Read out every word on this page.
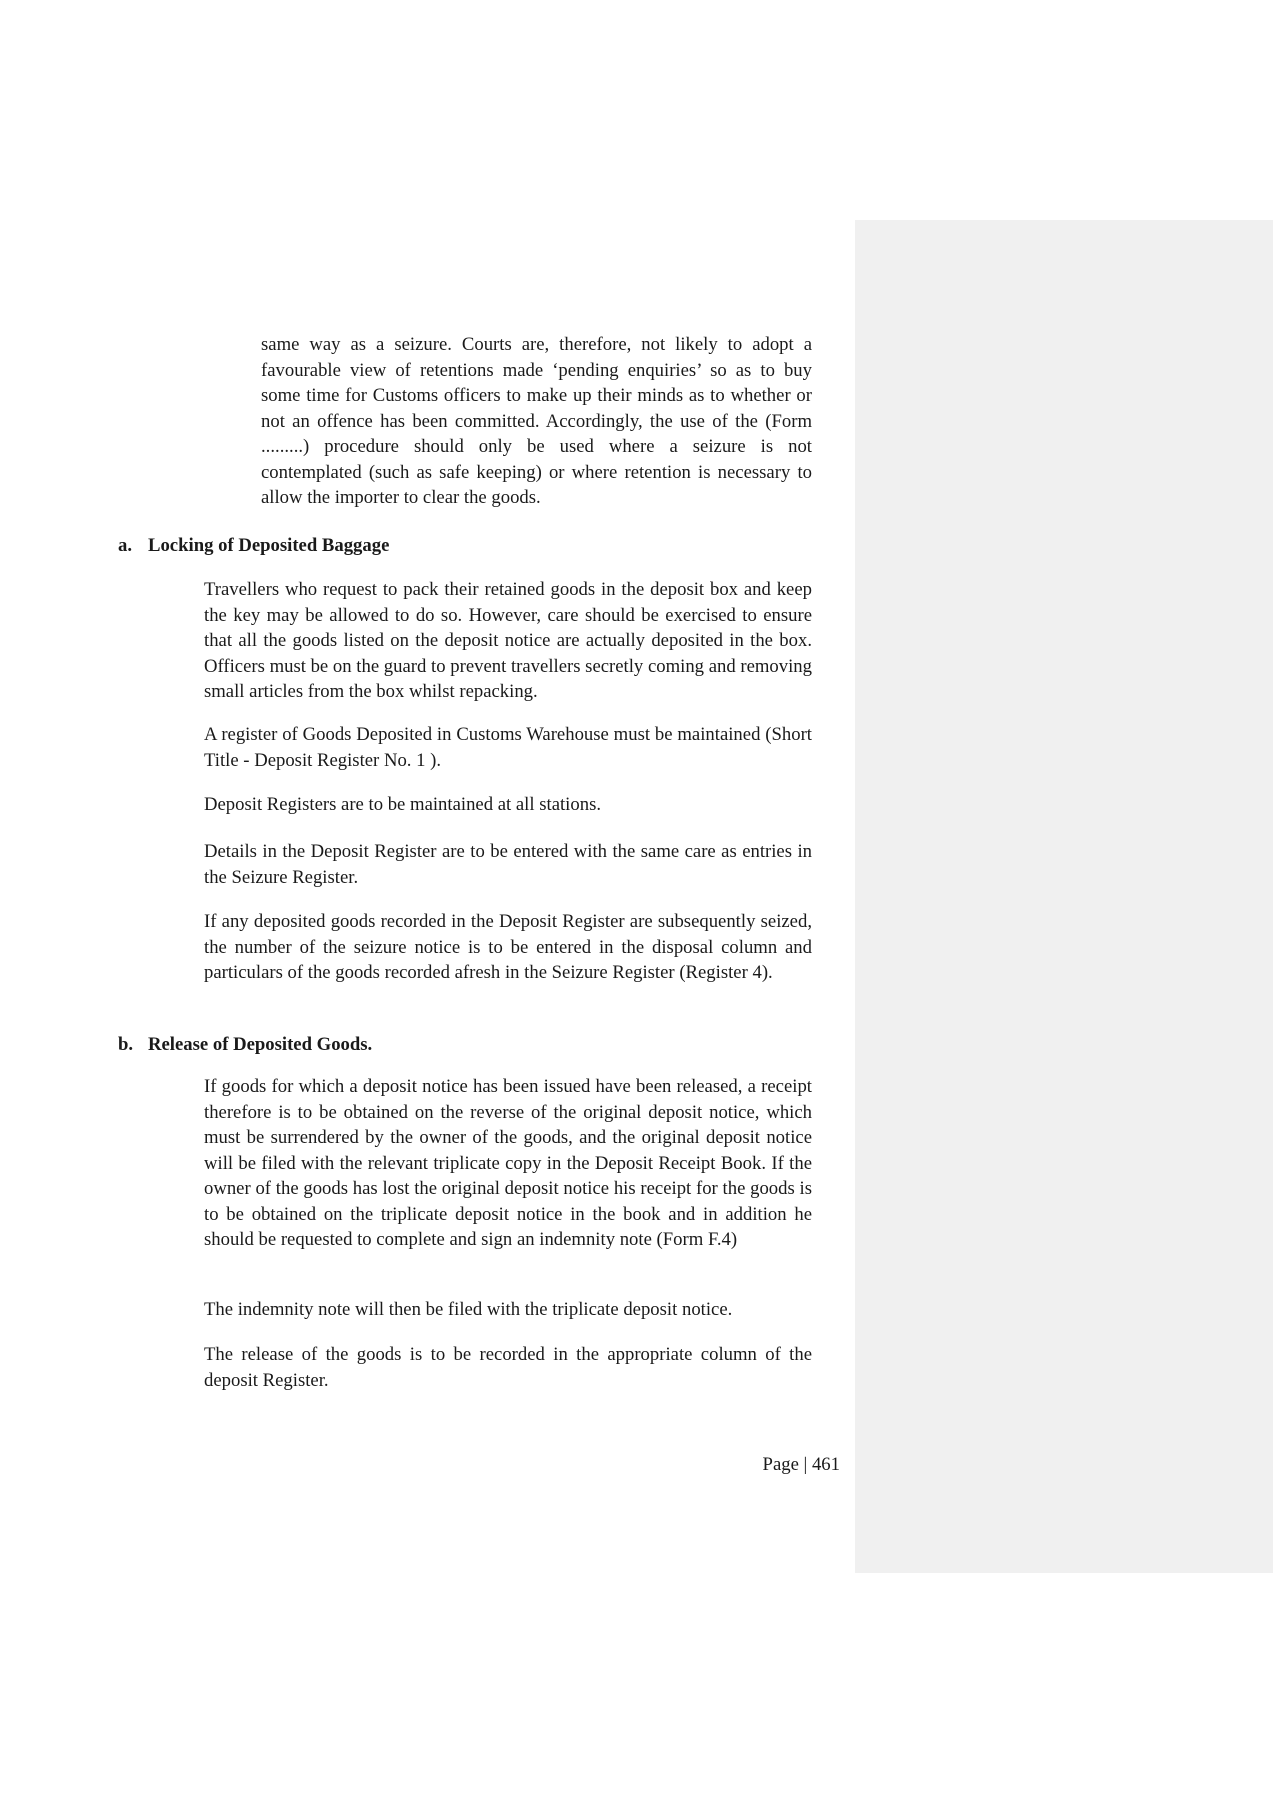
same way as a seizure. Courts are, therefore, not likely to adopt a favourable view of retentions made ‘pending enquiries’ so as to buy some time for Customs officers to make up their minds as to whether or not an offence has been committed. Accordingly, the use of the (Form .........) procedure should only be used where a seizure is not contemplated (such as safe keeping) or where retention is necessary to allow the importer to clear the goods.

a. Locking of Deposited Baggage

Travellers who request to pack their retained goods in the deposit box and keep the key may be allowed to do so. However, care should be exercised to ensure that all the goods listed on the deposit notice are actually deposited in the box. Officers must be on the guard to prevent travellers secretly coming and removing small articles from the box whilst repacking.

A register of Goods Deposited in Customs Warehouse must be maintained (Short Title - Deposit Register No. 1 ).

Deposit Registers are to be maintained at all stations.

Details in the Deposit Register are to be entered with the same care as entries in the Seizure Register.

If any deposited goods recorded in the Deposit Register are subsequently seized, the number of the seizure notice is to be entered in the disposal column and particulars of the goods recorded afresh in the Seizure Register (Register 4).

b. Release of Deposited Goods.

If goods for which a deposit notice has been issued have been released, a receipt therefore is to be obtained on the reverse of the original deposit notice, which must be surrendered by the owner of the goods, and the original deposit notice will be filed with the relevant triplicate copy in the Deposit Receipt Book. If the owner of the goods has lost the original deposit notice his receipt for the goods is to be obtained on the triplicate deposit notice in the book and in addition he should be requested to complete and sign an indemnity note (Form F.4)

The indemnity note will then be filed with the triplicate deposit notice.

The release of the goods is to be recorded in the appropriate column of the deposit Register.

Page | 461
